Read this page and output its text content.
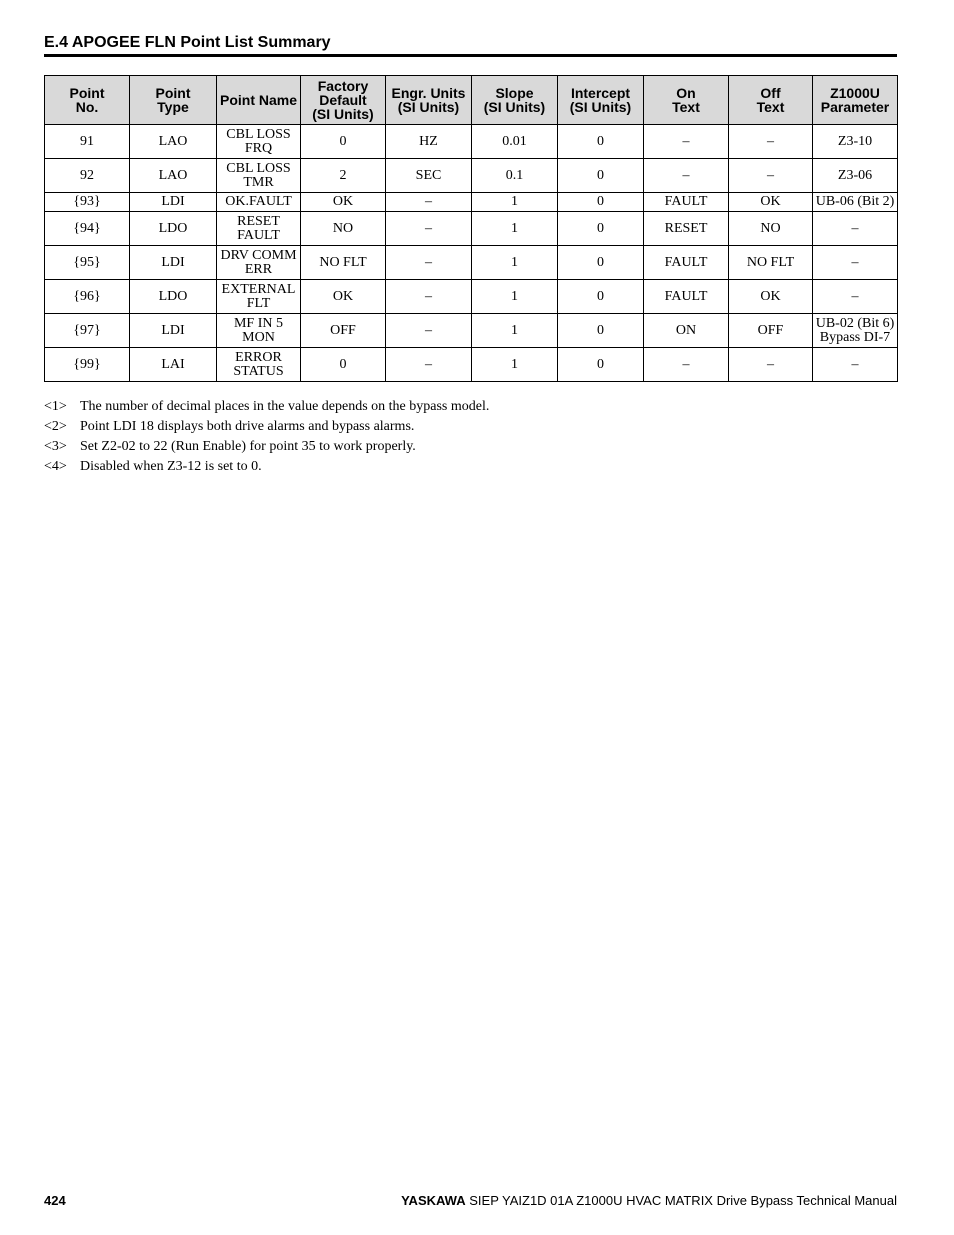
E.4 APOGEE FLN Point List Summary
Point
No.	Point
Type	Point Name	Factory
Default
(SI Units)	Engr. Units
(SI Units)	Slope
(SI Units)	Intercept
(SI Units)	On
Text	Off
Text	Z1000U
Parameter
91	LAO	CBL LOSS
FRQ	0	HZ	0.01	0	–	–	Z3-10
92	LAO	CBL LOSS
TMR	2	SEC	0.1	0	–	–	Z3-06
{93}	LDI	OK.FAULT	OK	–	1	0	FAULT	OK	UB-06 (Bit 2)
{94}	LDO	RESET
FAULT	NO	–	1	0	RESET	NO	–
{95}	LDI	DRV COMM
ERR	NO FLT	–	1	0	FAULT	NO FLT	–
{96}	LDO	EXTERNAL
FLT	OK	–	1	0	FAULT	OK	–
{97}	LDI	MF IN 5
MON	OFF	–	1	0	ON	OFF	UB-02 (Bit 6)
Bypass DI-7
{99}	LAI	ERROR
STATUS	0	–	1	0	–	–	–
<1> The number of decimal places in the value depends on the bypass model.
<2> Point LDI 18 displays both drive alarms and bypass alarms.
<3> Set Z2-02 to 22 (Run Enable) for point 35 to work properly.
<4> Disabled when Z3-12 is set to 0.
424	YASKAWA SIEP YAIZ1D 01A Z1000U HVAC MATRIX Drive Bypass Technical Manual
